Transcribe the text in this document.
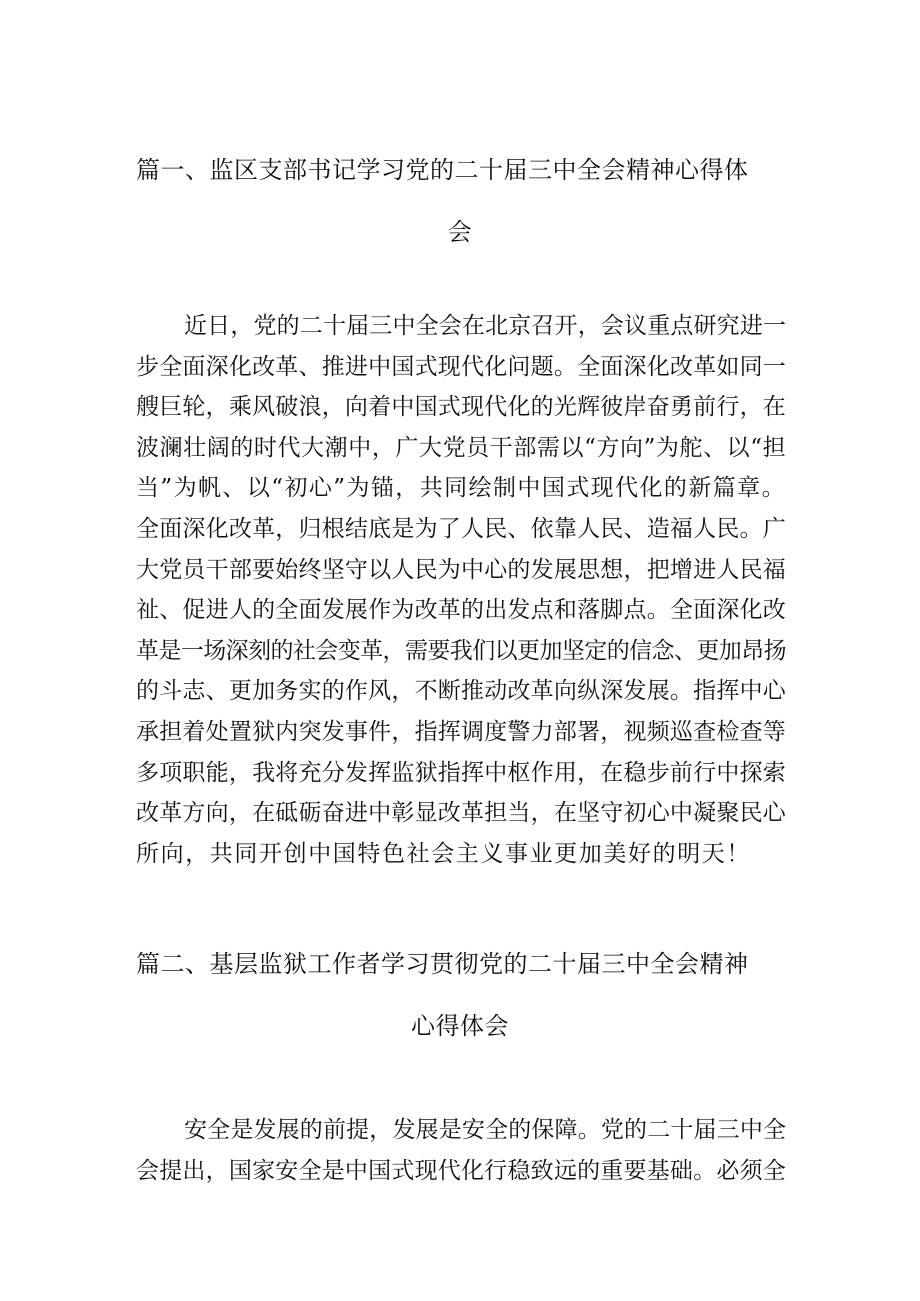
篇一、监区支部书记学习党的二十届三中全会精神心得体
会
近日，党的二十届三中全会在北京召开，会议重点研究进一
步全面深化改革、推进中国式现代化问题。全面深化改革如同一
艘巨轮，乘风破浪，向着中国式现代化的光辉彼岸奋勇前行，在
波澜壮阔的时代大潮中，广大党员干部需以“方向”为舵、以“担
当”为帆、以“初心”为锚，共同绘制中国式现代化的新篇章。
全面深化改革，归根结底是为了人民、依靠人民、造福人民。广
大党员干部要始终坚守以人民为中心的发展思想，把增进人民福
祉、促进人的全面发展作为改革的出发点和落脚点。全面深化改
革是一场深刻的社会变革，需要我们以更加坚定的信念、更加昂扬
的斗志、更加务实的作风，不断推动改革向纵深发展。指挥中心
承担着处置狱内突发事件，指挥调度警力部署，视频巡查检查等
多项职能，我将充分发挥监狱指挥中枢作用，在稳步前行中探索
改革方向，在砥砺奋进中彰显改革担当，在坚守初心中凝聚民心
所向，共同开创中国特色社会主义事业更加美好的明天！
篇二、基层监狱工作者学习贯彻党的二十届三中全会精神
心得体会
安全是发展的前提，发展是安全的保障。党的二十届三中全
会提出，国家安全是中国式现代化行稳致远的重要基础。必须全
